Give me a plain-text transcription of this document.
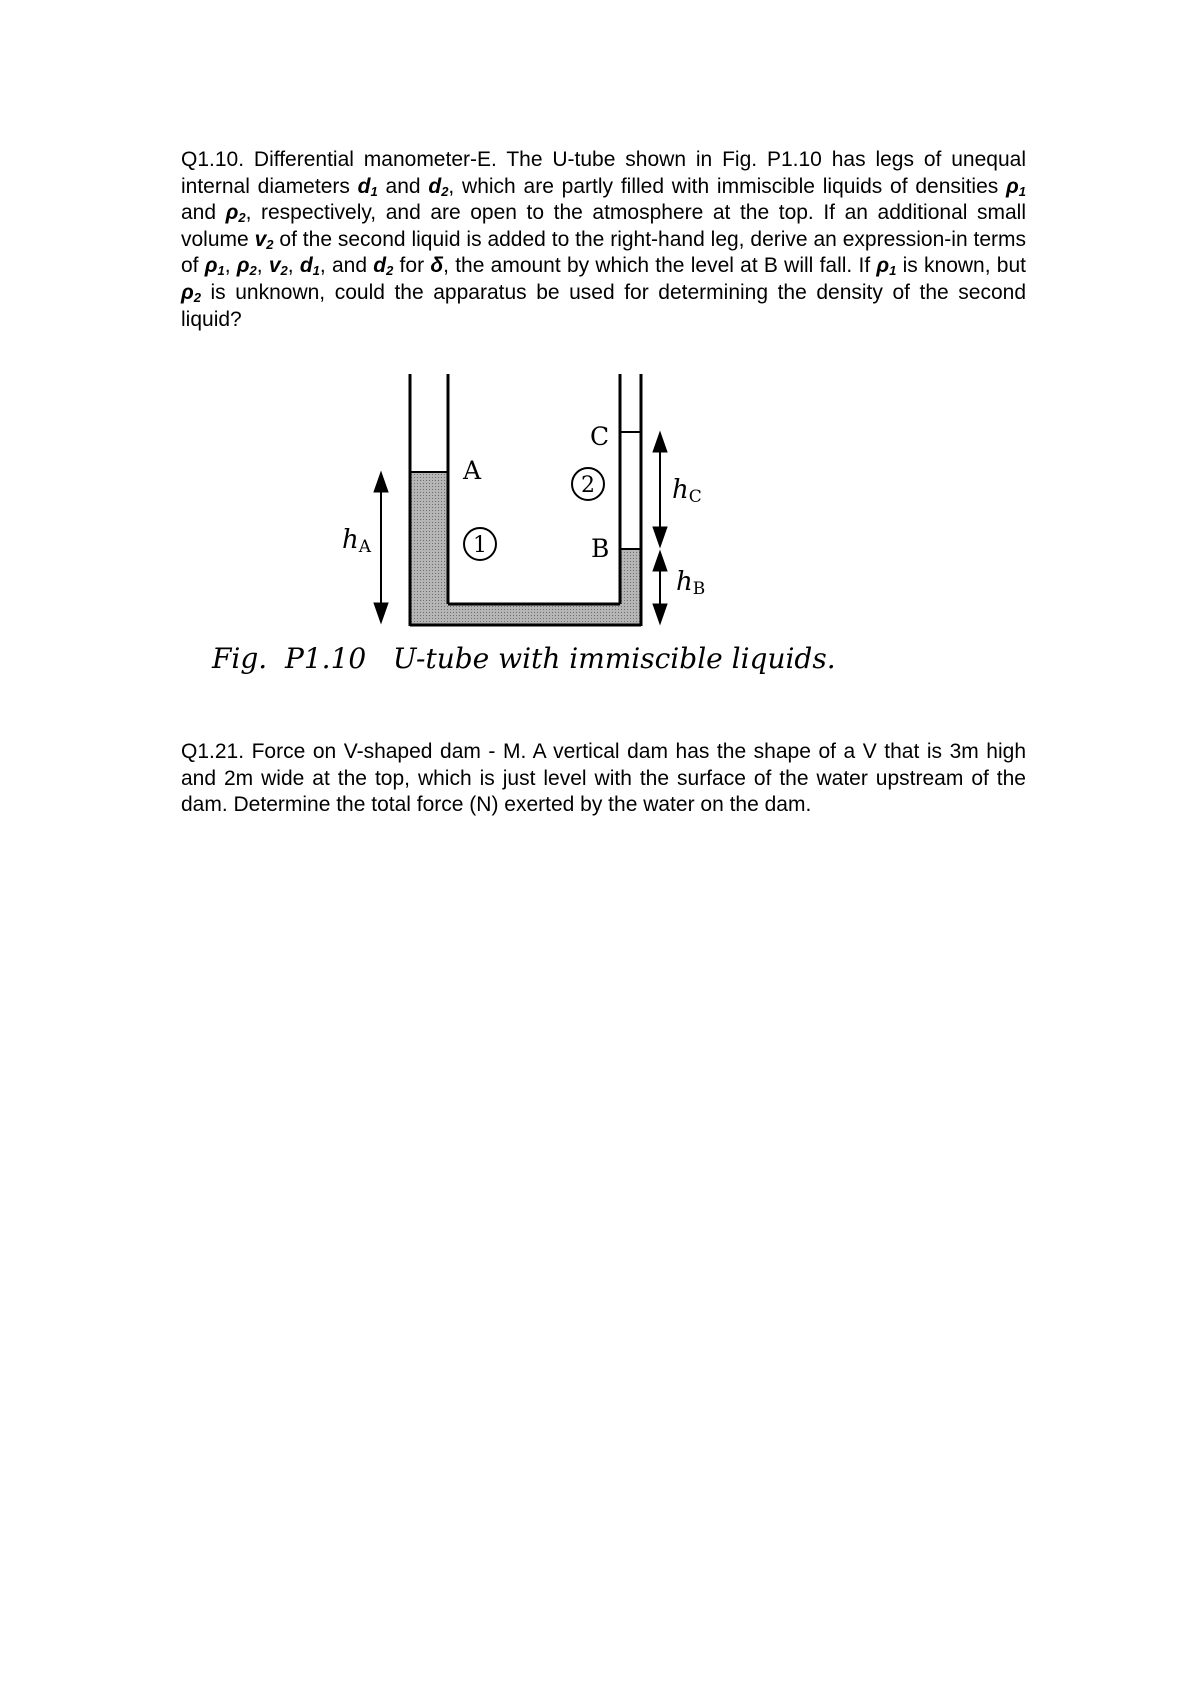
Q1.10. Differential manometer-E. The U-tube shown in Fig. P1.10 has legs of unequal internal diameters $d_1$ and $d_2$, which are partly filled with immiscible liquids of densities $\rho_1$ and $\rho_2$, respectively, and are open to the atmosphere at the top. If an additional small volume $v_2$ of the second liquid is added to the right-hand leg, derive an expression-in terms of $\rho_1$, $\rho_2$, $v_2$, $d_1$, and $d_2$ for δ, the amount by which the level at B will fall. If $\rho_1$ is known, but $\rho_2$ is unknown, could the apparatus be used for determining the density of the second liquid?

1
2
A
C
B
hA
hC
hB
Fig.  P1.10   U-tube with immiscible liquids.

Q1.21. Force on V-shaped dam - M. A vertical dam has the shape of a V that is 3m high and 2m wide at the top, which is just level with the surface of the water upstream of the dam. Determine the total force (N) exerted by the water on the dam.
